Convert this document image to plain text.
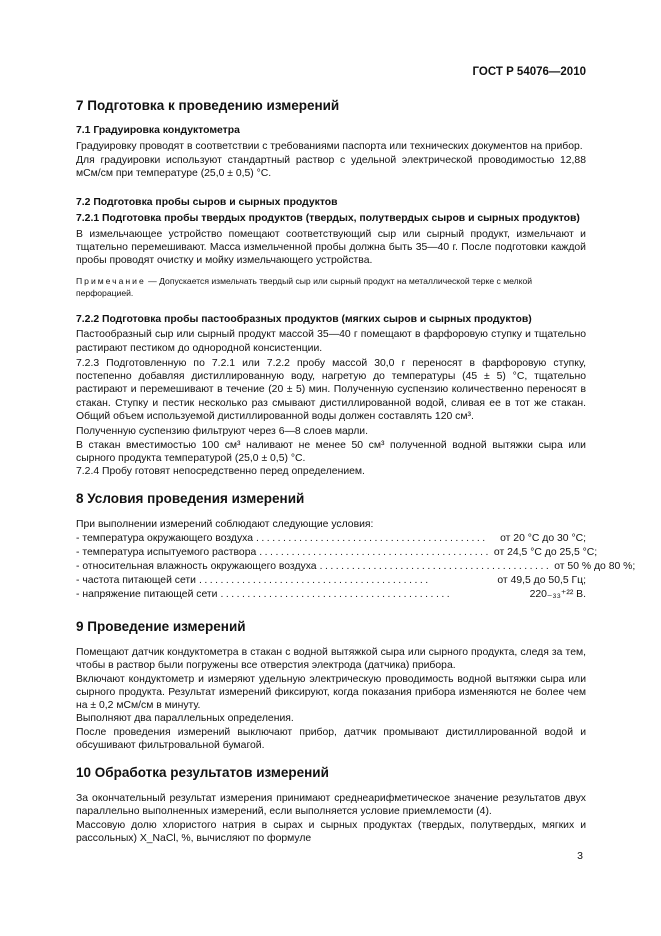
ГОСТ Р 54076—2010

7 Подготовка к проведению измерений

7.1 Градуировка кондуктометра

Градуировку проводят в соответствии с требованиями паспорта или технических документов на прибор.

Для градуировки используют стандартный раствор с удельной электрической проводимостью 12,88 мСм/см при температуре (25,0 ± 0,5) °С.

7.2 Подготовка пробы сыров и сырных продуктов

7.2.1 Подготовка пробы твердых продуктов (твердых, полутвердых сыров и сырных продуктов)

В измельчающее устройство помещают соответствующий сыр или сырный продукт, измельчают и тщательно перемешивают. Масса измельченной пробы должна быть 35—40 г. После подготовки каждой пробы проводят очистку и мойку измельчающего устройства.

Примечание — Допускается измельчать твердый сыр или сырный продукт на металлической терке с мелкой перфорацией.

7.2.2 Подготовка пробы пастообразных продуктов (мягких сыров и сырных продуктов)

Пастообразный сыр или сырный продукт массой 35—40 г помещают в фарфоровую ступку и тщательно растирают пестиком до однородной консистенции.

7.2.3 Подготовленную по 7.2.1 или 7.2.2 пробу массой 30,0 г переносят в фарфоровую ступку, постепенно добавляя дистиллированную воду, нагретую до температуры (45 ± 5) °С, тщательно растирают и перемешивают в течение (20 ± 5) мин. Полученную суспензию количественно переносят в стакан. Ступку и пестик несколько раз смывают дистиллированной водой, сливая ее в тот же стакан. Общий объем используемой дистиллированной воды должен составлять 120 см³.

Полученную суспензию фильтруют через 6—8 слоев марли.

В стакан вместимостью 100 см³ наливают не менее 50 см³ полученной водной вытяжки сыра или сырного продукта температурой (25,0 ± 0,5) °С.

7.2.4 Пробу готовят непосредственно перед определением.

8 Условия проведения измерений

При выполнении измерений соблюдают следующие условия:

- температура окружающего воздуха ...........................................	от 20 °С до 30 °С;
- температура испытуемого раствора ........................................... от 24,5 °С до 25,5 °С;
- относительная влажность окружающего воздуха ........................................... от 50 % до 80 %;
- частота питающей сети ...........................................	от 49,5 до 50,5 Гц;
- напряжение питающей сети ...........................................	220₋₃₃⁺²² В.

9 Проведение измерений

Помещают датчик кондуктометра в стакан с водной вытяжкой сыра или сырного продукта, следя за тем, чтобы в раствор были погружены все отверстия электрода (датчика) прибора.

Включают кондуктометр и измеряют удельную электрическую проводимость водной вытяжки сыра или сырного продукта. Результат измерений фиксируют, когда показания прибора изменяются не более чем на ± 0,2 мСм/см в минуту.

Выполняют два параллельных определения.

После проведения измерений выключают прибор, датчик промывают дистиллированной водой и обсушивают фильтровальной бумагой.

10 Обработка результатов измерений

За окончательный результат измерения принимают среднеарифметическое значение результатов двух параллельно выполненных измерений, если выполняется условие приемлемости (4).

Массовую долю хлористого натрия в сырах и сырных продуктах (твердых, полутвердых, мягких и рассольных) X_NaCl, %, вычисляют по формуле

3
